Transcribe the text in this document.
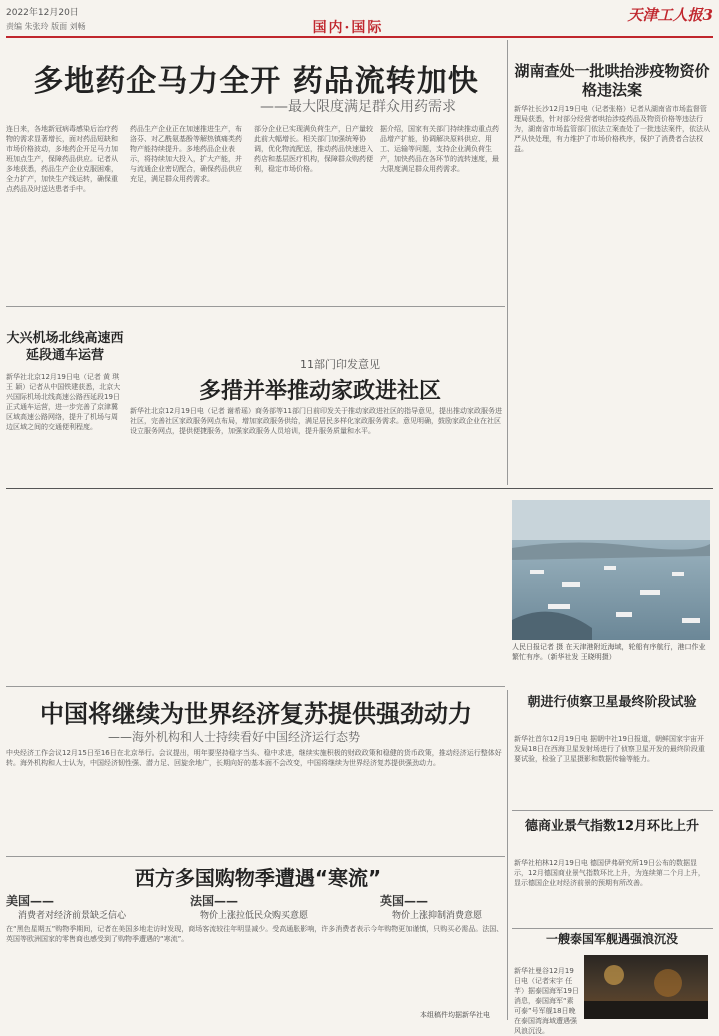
2022年12月20日
责编 朱张玲 版面 刘畅
天津工人报3
国内·国际
多地药企马力全开 药品流转加快
——最大限度满足群众用药需求
连日来，各地新冠病毒感染后治疗药物的需求显著增长，面对药品短缺和市场价格波动，多地药企开足马力加班加点生产，保障药品供应。记者从多地获悉，药品生产企业克服困难，全力扩产，加快生产线运转，确保重点药品及时送达患者手中。
药品生产企业正在加速推进生产，布洛芬、对乙酰氨基酚等解热镇痛类药物产能持续提升。多地药品企业表示，将持续加大投入，扩大产能，并与流通企业密切配合，确保药品供应充足，满足群众用药需求。
部分企业已实现满负荷生产，日产量较此前大幅增长。相关部门加强统筹协调，优化物流配送，推动药品快速进入药店和基层医疗机构，保障群众购药便利，稳定市场价格。
据介绍，国家有关部门持续推动重点药品增产扩能，协调解决原料供应、用工、运输等问题，支持企业满负荷生产，加快药品在各环节的流转速度，最大限度满足群众用药需求。
湖南查处一批哄抬涉疫物资价格违法案
新华社长沙12月19日电（记者张格）记者从湖南省市场监督管理局获悉，针对部分经营者哄抬涉疫药品及物资价格等违法行为，湖南省市场监管部门依法立案查处了一批违法案件，依法从严从快处理，有力维护了市场价格秩序，保护了消费者合法权益。
大兴机场北线高速西延段通车运营
新华社北京12月19日电（记者 黄 琪 王 颖）记者从中国铁建获悉，北京大兴国际机场北线高速公路西延段19日正式通车运营，进一步完善了京津冀区域高速公路网络，提升了机场与周边区域之间的交通便利程度。
11部门印发意见
多措并举推动家政进社区
新华社北京12月19日电（记者 谢希瑶）商务部等11部门日前印发关于推动家政进社区的指导意见，提出推动家政服务进社区，完善社区家政服务网点布局，增加家政服务供给，满足居民多样化家政服务需求。意见明确，鼓励家政企业在社区设立服务网点，提供便捷服务，加强家政服务人员培训，提升服务质量和水平。
人民日报记者 摄 在天津港附近海域，轮船有序航行，港口作业繁忙有序。（新华社发 王晓明摄）
中国将继续为世界经济复苏提供强劲动力
——海外机构和人士持续看好中国经济运行态势
中央经济工作会议12月15日至16日在北京举行。会议提出，明年要坚持稳字当头、稳中求进，继续实施积极的财政政策和稳健的货币政策，推动经济运行整体好转。海外机构和人士认为，中国经济韧性强、潜力足、回旋余地广，长期向好的基本面不会改变，中国将继续为世界经济复苏提供强劲动力。
朝进行侦察卫星最终阶段试验
新华社首尔12月19日电 据朝中社19日报道，朝鲜国家宇宙开发局18日在西海卫星发射场进行了侦察卫星开发的最终阶段重要试验，检验了卫星摄影和数据传输等能力。
德商业景气指数12月环比上升
新华社柏林12月19日电 德国伊弗研究所19日公布的数据显示，12月德国商业景气指数环比上升，为连续第二个月上升，显示德国企业对经济前景的预期有所改善。
西方多国购物季遭遇“寒流”
美国——
消费者对经济前景缺乏信心
法国——
物价上涨拉低民众购买意愿
英国——
物价上涨抑制消费意愿
在“黑色星期五”购物季期间，记者在美国多地走访时发现，商场客流较往年明显减少。受高通胀影响，许多消费者表示今年购物更加谨慎，只购买必需品。法国、英国等欧洲国家的零售商也感受到了购物季遭遇的“寒流”。
本组稿件均据新华社电
一艘泰国军舰遇强浪沉没
新华社曼谷12月19日电（记者宋宇 任芊）据泰国海军19日消息，泰国海军“素可泰”号军舰18日晚在泰国湾海域遭遇强风浪沉没。
